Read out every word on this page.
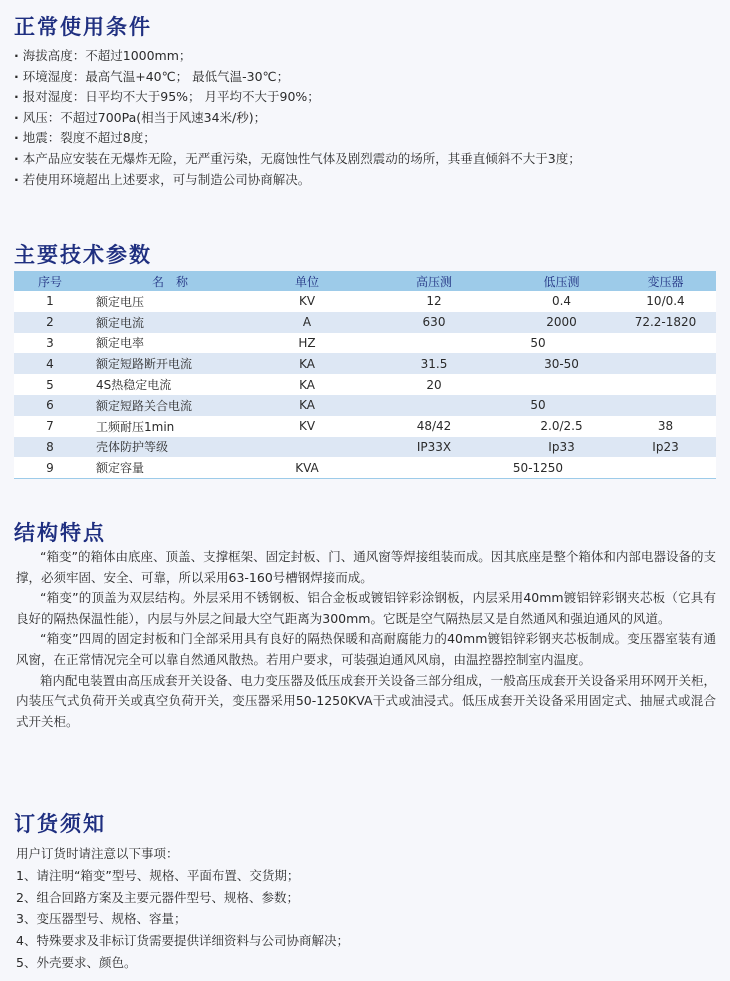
正常使用条件
· 海拔高度：不超过1000mm；
· 环境湿度：最高气温+40℃； 最低气温-30℃；
· 报对湿度：日平均不大于95%； 月平均不大于90%；
· 风压：不超过700Pa(相当于风速34米/秒)；
· 地震：裂度不超过8度；
· 本产品应安装在无爆炸无险，无严重污染，无腐蚀性气体及剧烈震动的场所，其垂直倾斜不大于3度；
· 若使用环境超出上述要求，可与制造公司协商解决。
主要技术参数
序号	名　称	单位	高压测	低压测	变压器
1	额定电压	KV	12	0.4	10/0.4
2	额定电流	A	630	2000	72.2-1820
3	额定电率	HZ	50		
4	额定短路断开电流	KA	31.5	30-50	
5	4S热稳定电流	KA	20		
6	额定短路关合电流	KA	50		
7	工频耐压1min	KV	48/42	2.0/2.5	38
8	壳体防护等级		IP33X	Ip33	Ip23
9	额定容量	KVA	50-1250		
结构特点

“箱变”的箱体由底座、顶盖、支撑框架、固定封板、门、通风窗等焊接组装而成。因其底座是整个箱体和内部电器设备的支撑，必须牢固、安全、可靠，所以采用63-160号槽钢焊接而成。

“箱变”的顶盖为双层结构。外层采用不锈钢板、铝合金板或镀铝锌彩涂钢板，内层采用40mm镀铝锌彩钢夹芯板（它具有良好的隔热保温性能），内层与外层之间最大空气距离为300mm。它既是空气隔热层又是自然通风和强迫通风的风道。

“箱变”四周的固定封板和门全部采用具有良好的隔热保暖和高耐腐能力的40mm镀铝锌彩钢夹芯板制成。变压器室装有通风窗，在正常情况完全可以靠自然通风散热。若用户要求，可装强迫通风风扇，由温控器控制室内温度。

箱内配电装置由高压成套开关设备、电力变压器及低压成套开关设备三部分组成，一般高压成套开关设备采用环网开关柜，内装压气式负荷开关或真空负荷开关，变压器采用50-1250KVA干式或油浸式。低压成套开关设备采用固定式、抽屉式或混合式开关柜。

订货须知
用户订货时请注意以下事项：
1、请注明“箱变”型号、规格、平面布置、交货期；
2、组合回路方案及主要元器件型号、规格、参数；
3、变压器型号、规格、容量；
4、特殊要求及非标订货需要提供详细资料与公司协商解决；
5、外壳要求、颜色。
